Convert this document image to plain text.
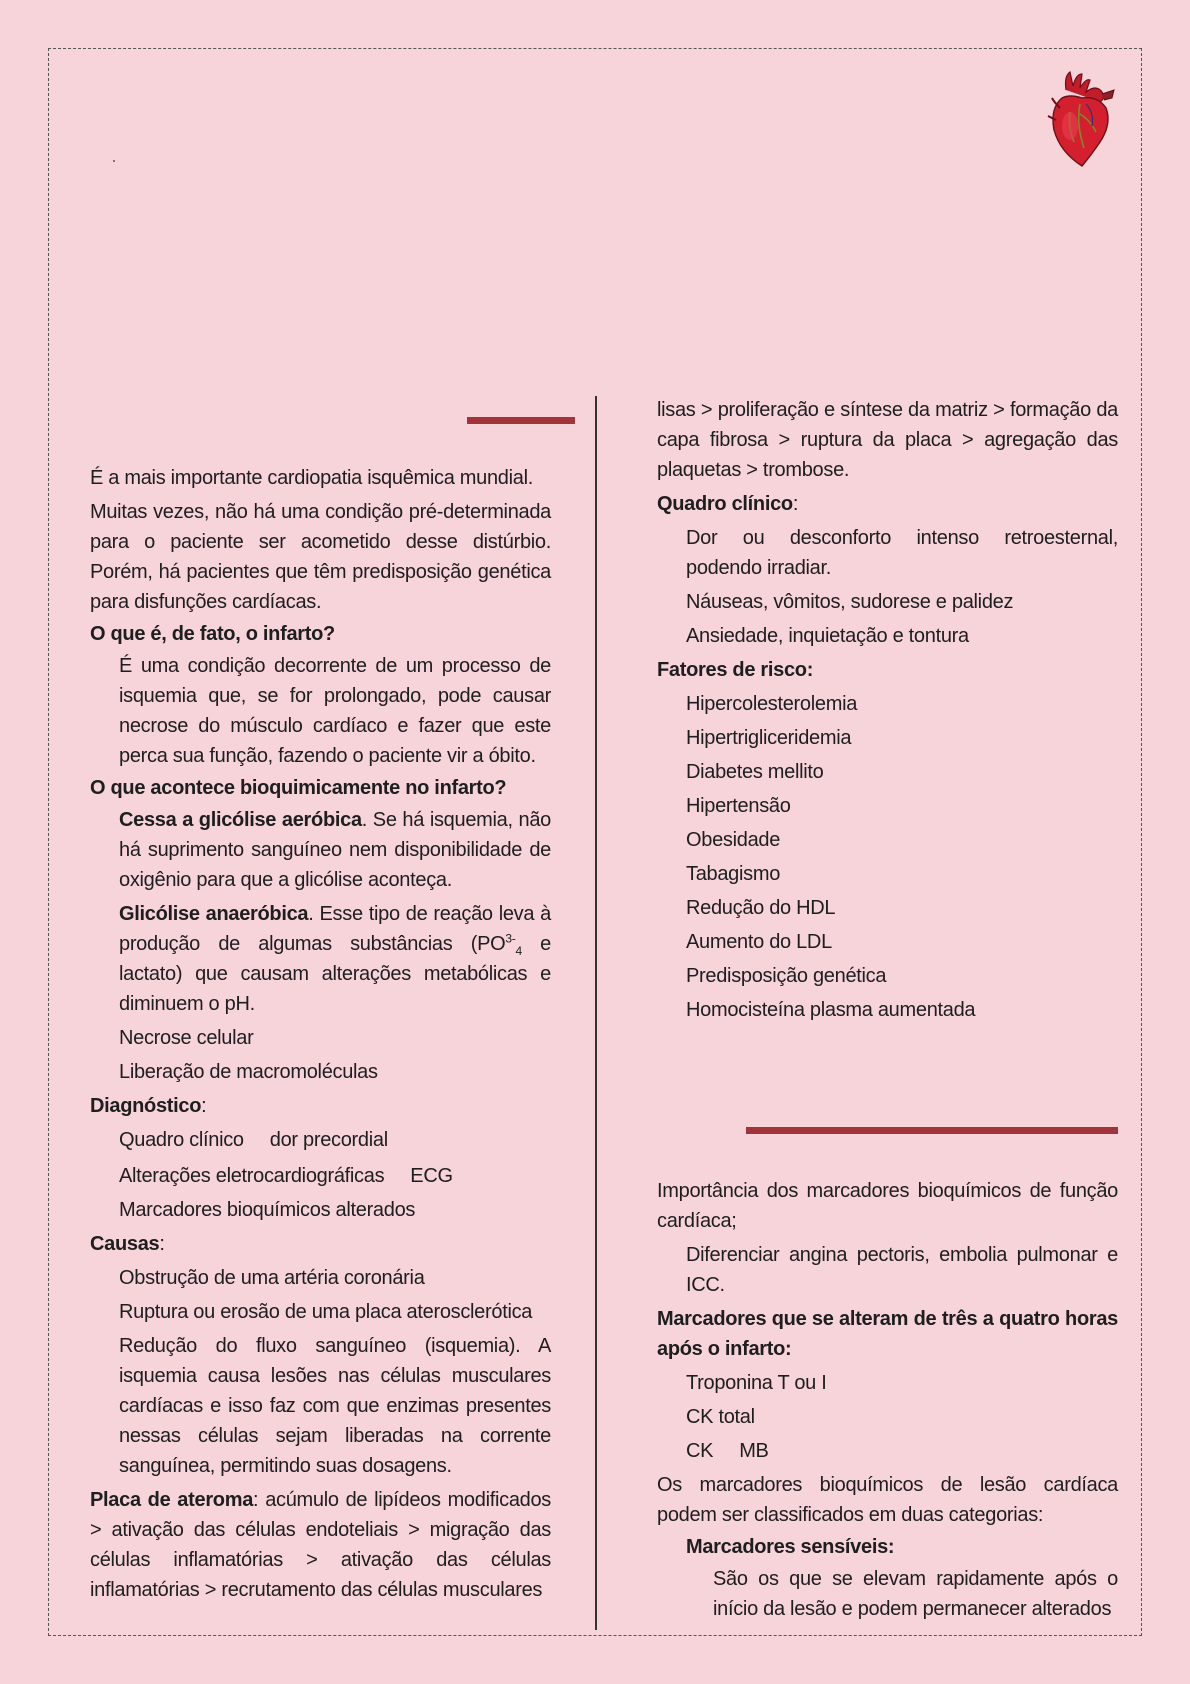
É a mais importante cardiopatia isquêmica mundial.

Muitas vezes, não há uma condição pré-determinada para o paciente ser acometido desse distúrbio. Porém, há pacientes que têm predisposição genética para disfunções cardíacas.

O que é, de fato, o infarto?

É uma condição decorrente de um processo de isquemia que, se for prolongado, pode causar necrose do músculo cardíaco e fazer que este perca sua função, fazendo o paciente vir a óbito.

O que acontece bioquimicamente no infarto?

Cessa a glicólise aeróbica. Se há isquemia, não há suprimento sanguíneo nem disponibilidade de oxigênio para que a glicólise aconteça.

Glicólise anaeróbica. Esse tipo de reação leva à produção de algumas substâncias ($PO^{3-}_4$ e lactato) que causam alterações metabólicas e diminuem o pH.

Necrose celular

Liberação de macromoléculas

Diagnóstico:

Quadro clínico dor precordial

Alterações eletrocardiográficas ECG

Marcadores bioquímicos alterados

Causas:

Obstrução de uma artéria coronária

Ruptura ou erosão de uma placa aterosclerótica

Redução do fluxo sanguíneo (isquemia). A isquemia causa lesões nas células musculares cardíacas e isso faz com que enzimas presentes nessas células sejam liberadas na corrente sanguínea, permitindo suas dosagens.

Placa de ateroma: acúmulo de lipídeos modificados > ativação das células endoteliais > migração das células inflamatórias > ativação das células inflamatórias > recrutamento das células musculares

lisas > proliferação e síntese da matriz > formação da capa fibrosa > ruptura da placa > agregação das plaquetas > trombose.

Quadro clínico:

Dor ou desconforto intenso retroesternal, podendo irradiar.

Náuseas, vômitos, sudorese e palidez

Ansiedade, inquietação e tontura

Fatores de risco:

Hipercolesterolemia

Hipertrigliceridemia

Diabetes mellito

Hipertensão

Obesidade

Tabagismo

Redução do HDL

Aumento do LDL

Predisposição genética

Homocisteína plasma aumentada

Importância dos marcadores bioquímicos de função cardíaca;

Diferenciar angina pectoris, embolia pulmonar e ICC.

Marcadores que se alteram de três a quatro horas após o infarto:

Troponina T ou I

CK total

CK MB

Os marcadores bioquímicos de lesão cardíaca podem ser classificados em duas categorias:

Marcadores sensíveis:

São os que se elevam rapidamente após o início da lesão e podem permanecer alterados
